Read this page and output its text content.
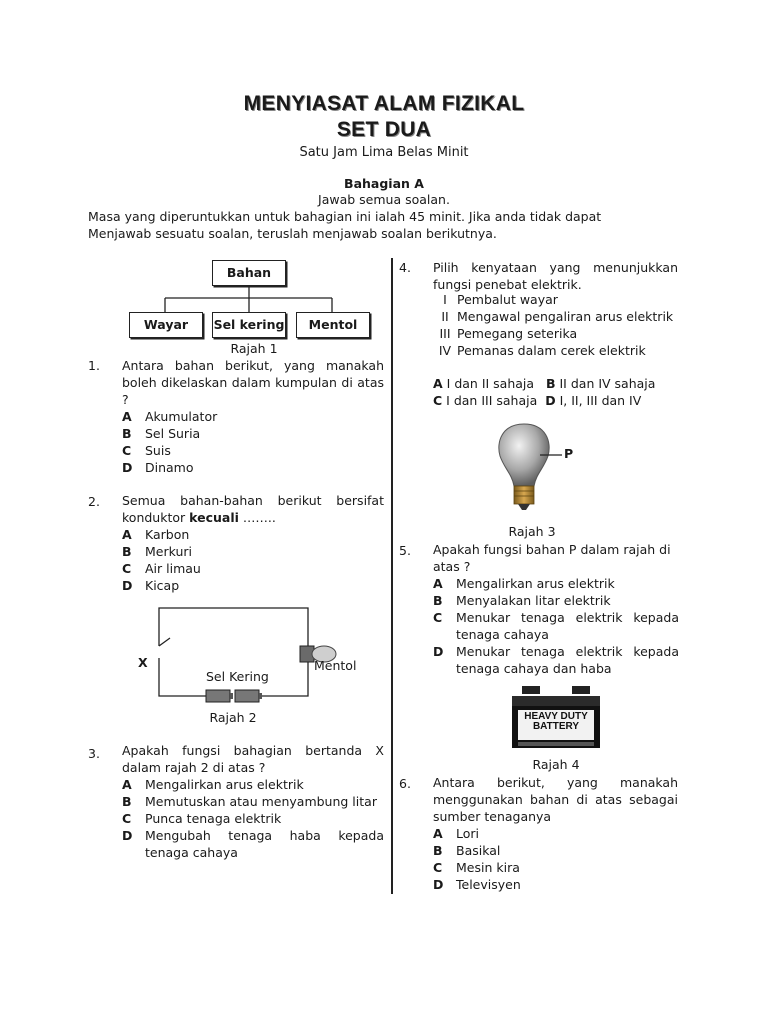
MENYIASAT ALAM FIZIKAL
SET DUA
Satu Jam Lima Belas Minit
Bahagian A
Jawab semua soalan.
Masa yang diperuntukkan untuk bahagian ini ialah 45 minit. Jika anda tidak dapat
Menjawab sesuatu soalan, teruslah menjawab soalan berikutnya.
Bahan
Wayar	Sel kering	Mentol
Rajah 1
1. Antara bahan berikut, yang manakah boleh dikelaskan dalam kumpulan di atas ?
A Akumulator
B Sel Suria
C Suis
D Dinamo
2. Semua bahan-bahan berikut bersifat konduktor kecuali ……..
A Karbon
B Merkuri
C Air limau
D Kicap
X	Mentol
Sel Kering
Rajah 2
3. Apakah fungsi bahagian bertanda X dalam rajah 2 di atas ?
A Mengalirkan arus elektrik
B Memutuskan atau menyambung litar
C Punca tenaga elektrik
D	Mengubah tenaga haba kepada tenaga cahaya
4. Pilih kenyataan yang menunjukkan fungsi penebat elektrik.
I Pembalut wayar
II Mengawal pengaliran arus elektrik
III Pemegang seterika
IV Pemanas dalam cerek elektrik
A I dan II sahaja B II dan IV sahaja
C I dan III sahaja D I, II, III dan IV
P
Rajah 3
5. Apakah fungsi bahan P dalam rajah di atas ?
A Mengalirkan arus elektrik
B Menyalakan litar elektrik
C	Menukar tenaga elektrik kepada tenaga cahaya
D	Menukar tenaga elektrik kepada tenaga cahaya dan haba
HEAVY DUTY
BATTERY
Rajah 4
6. Antara berikut, yang manakah menggunakan bahan di atas sebagai sumber tenaganya
A Lori
B Basikal
C Mesin kira
D Televisyen
